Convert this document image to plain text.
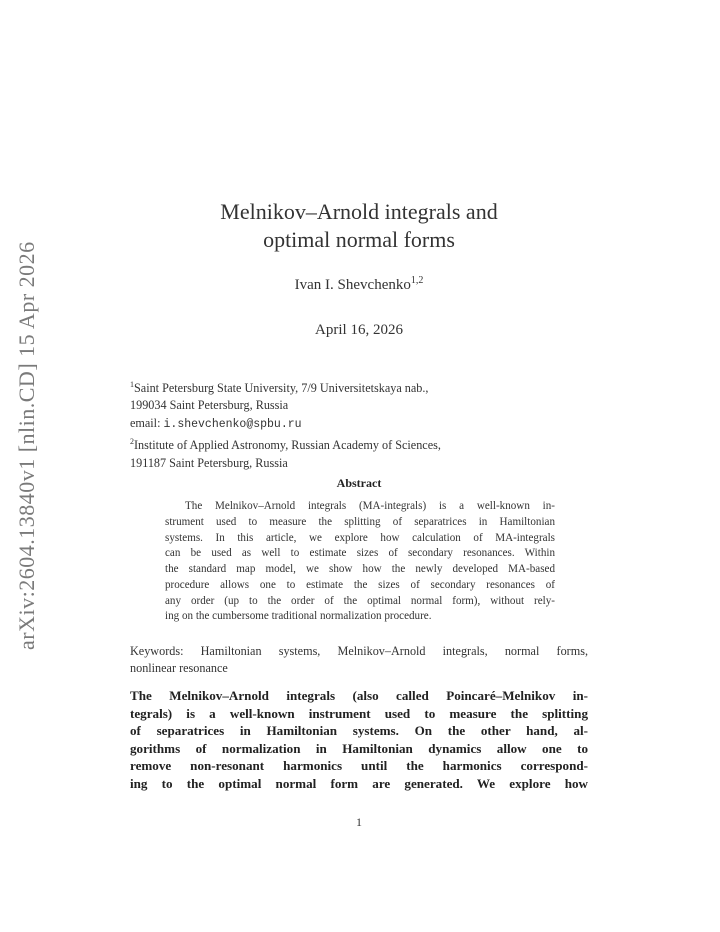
arXiv:2604.13840v1 [nlin.CD] 15 Apr 2026
Melnikov–Arnold integrals and
optimal normal forms
Ivan I. Shevchenko$^{1,2}$
April 16, 2026
$^1$Saint Petersburg State University, 7/9 Universitetskaya nab.,
199034 Saint Petersburg, Russia
email: i.shevchenko@spbu.ru
$^2$Institute of Applied Astronomy, Russian Academy of Sciences,
191187 Saint Petersburg, Russia
Abstract
The Melnikov–Arnold integrals (MA-integrals) is a well-known in-
strument used to measure the splitting of separatrices in Hamiltonian
systems. In this article, we explore how calculation of MA-integrals
can be used as well to estimate sizes of secondary resonances. Within
the standard map model, we show how the newly developed MA-based
procedure allows one to estimate the sizes of secondary resonances of
any order (up to the order of the optimal normal form), without rely-
ing on the cumbersome traditional normalization procedure.
Keywords: Hamiltonian systems, Melnikov–Arnold integrals, normal forms,
nonlinear resonance
The Melnikov–Arnold integrals (also called Poincaré–Melnikov in-
tegrals) is a well-known instrument used to measure the splitting
of separatrices in Hamiltonian systems. On the other hand, al-
gorithms of normalization in Hamiltonian dynamics allow one to
remove non-resonant harmonics until the harmonics correspond-
ing to the optimal normal form are generated. We explore how
1
